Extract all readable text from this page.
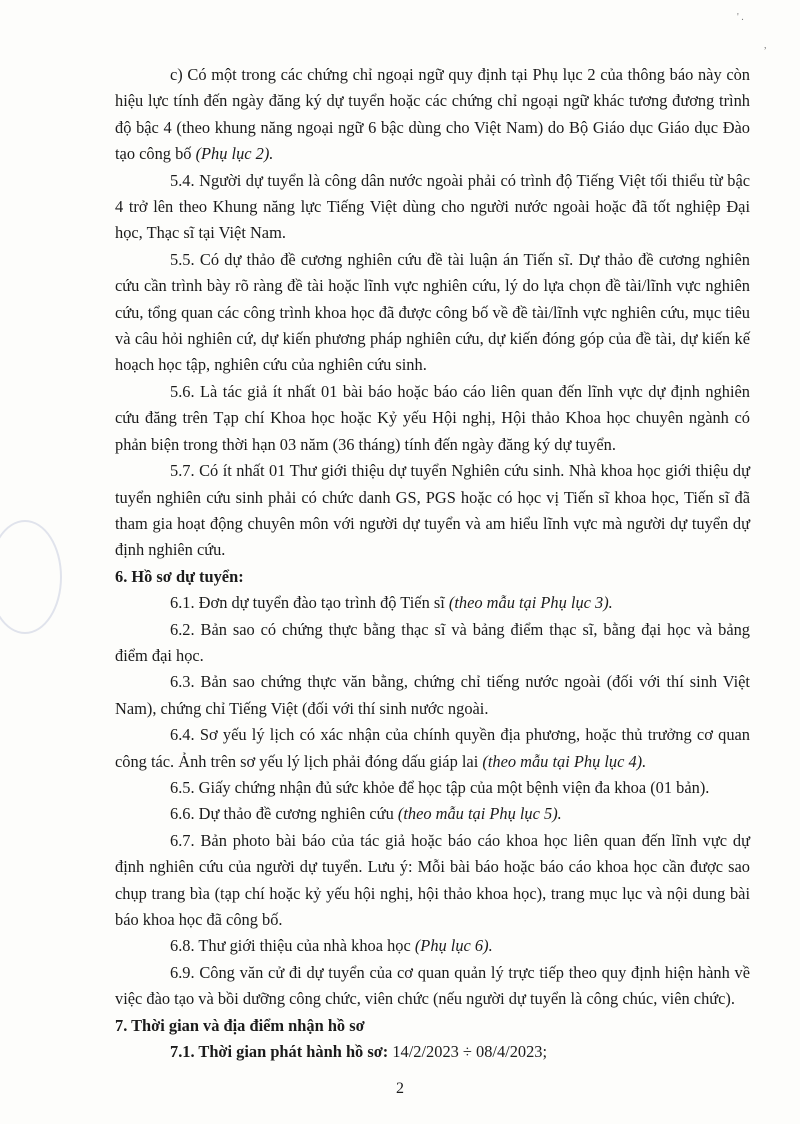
' .
,

c) Có một trong các chứng chỉ ngoại ngữ quy định tại Phụ lục 2 của thông báo này còn hiệu lực tính đến ngày đăng ký dự tuyển hoặc các chứng chỉ ngoại ngữ khác tương đương trình độ bậc 4 (theo khung năng ngoại ngữ 6 bậc dùng cho Việt Nam) do Bộ Giáo dục Giáo dục Đào tạo công bố (Phụ lục 2).

5.4. Người dự tuyển là công dân nước ngoài phải có trình độ Tiếng Việt tối thiểu từ bậc 4 trở lên theo Khung năng lực Tiếng Việt dùng cho người nước ngoài hoặc đã tốt nghiệp Đại học, Thạc sĩ tại Việt Nam.

5.5. Có dự thảo đề cương nghiên cứu đề tài luận án Tiến sĩ. Dự thảo đề cương nghiên cứu cần trình bày rõ ràng đề tài hoặc lĩnh vực nghiên cứu, lý do lựa chọn đề tài/lĩnh vực nghiên cứu, tổng quan các công trình khoa học đã được công bố về đề tài/lĩnh vực nghiên cứu, mục tiêu và câu hỏi nghiên cứ, dự kiến phương pháp nghiên cứu, dự kiến đóng góp của đề tài, dự kiến kế hoạch học tập, nghiên cứu của nghiên cứu sinh.

5.6. Là tác giả ít nhất 01 bài báo hoặc báo cáo liên quan đến lĩnh vực dự định nghiên cứu đăng trên Tạp chí Khoa học hoặc Kỷ yếu Hội nghị, Hội thảo Khoa học chuyên ngành có phản biện trong thời hạn 03 năm (36 tháng) tính đến ngày đăng ký dự tuyển.

5.7. Có ít nhất 01 Thư giới thiệu dự tuyển Nghiên cứu sinh. Nhà khoa học giới thiệu dự tuyển nghiên cứu sinh phải có chức danh GS, PGS hoặc có học vị Tiến sĩ khoa học, Tiến sĩ đã tham gia hoạt động chuyên môn với người dự tuyển và am hiểu lĩnh vực mà người dự tuyển dự định nghiên cứu.

6. Hồ sơ dự tuyển:

6.1. Đơn dự tuyển đào tạo trình độ Tiến sĩ (theo mẫu tại Phụ lục 3).

6.2. Bản sao có chứng thực bằng thạc sĩ và bảng điểm thạc sĩ, bằng đại học và bảng điểm đại học.

6.3. Bản sao chứng thực văn bằng, chứng chỉ tiếng nước ngoài (đối với thí sinh Việt Nam), chứng chỉ Tiếng Việt (đối với thí sinh nước ngoài.

6.4. Sơ yếu lý lịch có xác nhận của chính quyền địa phương, hoặc thủ trưởng cơ quan công tác. Ảnh trên sơ yếu lý lịch phải đóng dấu giáp lai (theo mẫu tại Phụ lục 4).

6.5. Giấy chứng nhận đủ sức khỏe để học tập của một bệnh viện đa khoa (01 bản).

6.6. Dự thảo đề cương nghiên cứu (theo mẫu tại Phụ lục 5).

6.7. Bản photo bài báo của tác giả hoặc báo cáo khoa học liên quan đến lĩnh vực dự định nghiên cứu của người dự tuyển. Lưu ý: Mỗi bài báo hoặc báo cáo khoa học cần được sao chụp trang bìa (tạp chí hoặc kỷ yếu hội nghị, hội thảo khoa học), trang mục lục và nội dung bài báo khoa học đã công bố.

6.8. Thư giới thiệu của nhà khoa học (Phụ lục 6).

6.9. Công văn cử đi dự tuyển của cơ quan quản lý trực tiếp theo quy định hiện hành về việc đào tạo và bồi dưỡng công chức, viên chức (nếu người dự tuyển là công chúc, viên chức).

7. Thời gian và địa điểm nhận hồ sơ

7.1. Thời gian phát hành hồ sơ: 14/2/2023 ÷ 08/4/2023;

2
